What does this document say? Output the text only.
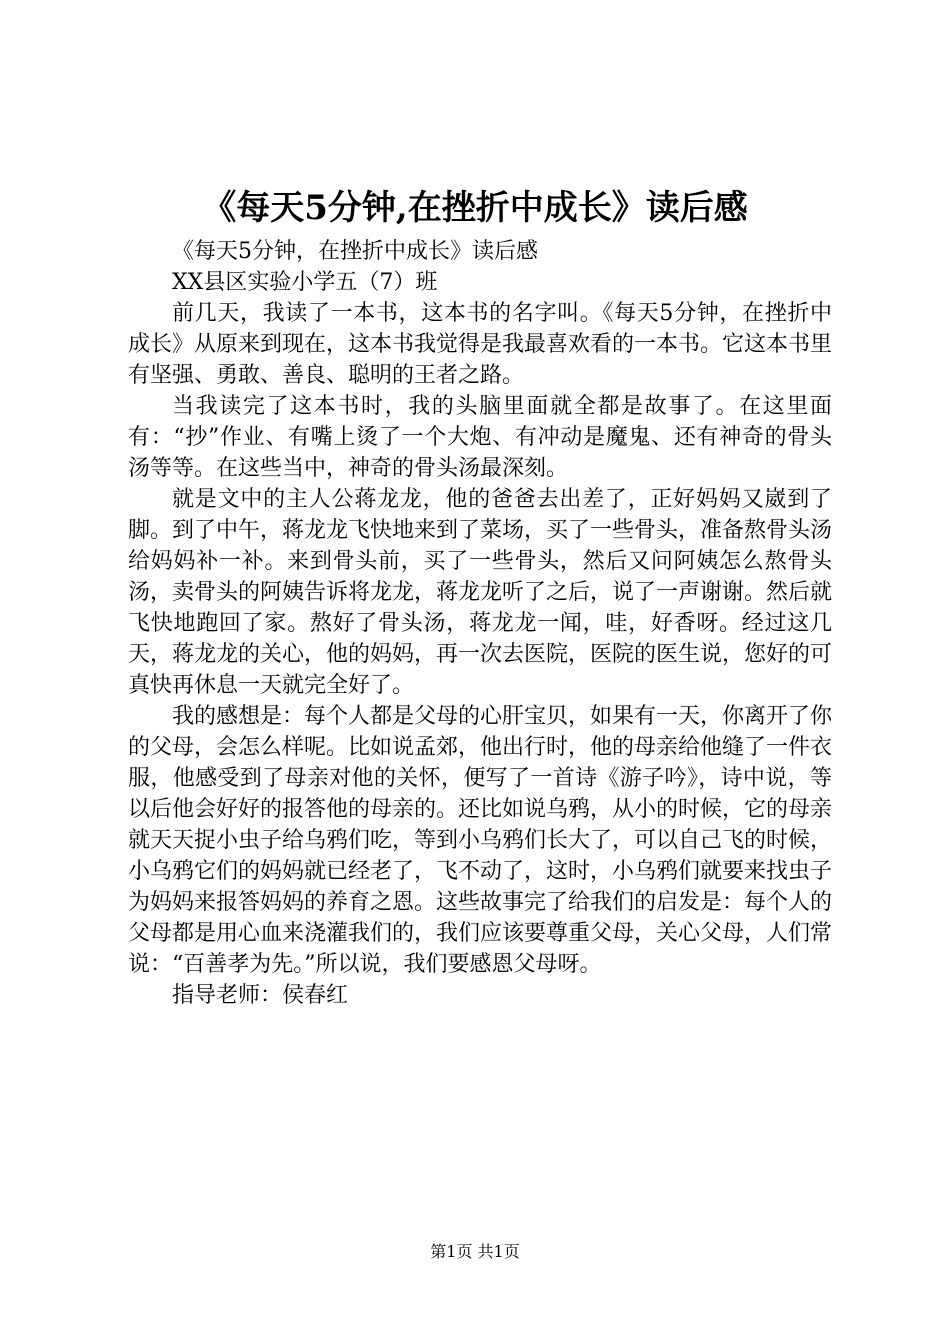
《每天5分钟,在挫折中成长》读后感

《每天5分钟，在挫折中成长》读后感

XX县区实验小学五（7）班

前几天，我读了一本书，这本书的名字叫。《每天5分钟，在挫折中成长》从原来到现在，这本书我觉得是我最喜欢看的一本书。它这本书里有坚强、勇敢、善良、聪明的王者之路。

当我读完了这本书时，我的头脑里面就全都是故事了。在这里面有：“抄”作业、有嘴上烫了一个大炮、有冲动是魔鬼、还有神奇的骨头汤等等。在这些当中，神奇的骨头汤最深刻。

就是文中的主人公蒋龙龙，他的爸爸去出差了，正好妈妈又崴到了脚。到了中午，蒋龙龙飞快地来到了菜场，买了一些骨头，准备熬骨头汤给妈妈补一补。来到骨头前，买了一些骨头，然后又问阿姨怎么熬骨头汤，卖骨头的阿姨告诉将龙龙，蒋龙龙听了之后，说了一声谢谢。然后就飞快地跑回了家。熬好了骨头汤，蒋龙龙一闻，哇，好香呀。经过这几天，蒋龙龙的关心，他的妈妈，再一次去医院，医院的医生说，您好的可真快再休息一天就完全好了。

我的感想是：每个人都是父母的心肝宝贝，如果有一天，你离开了你的父母，会怎么样呢。比如说孟郊，他出行时，他的母亲给他缝了一件衣服，他感受到了母亲对他的关怀，便写了一首诗《游子吟》，诗中说，等以后他会好好的报答他的母亲的。还比如说乌鸦，从小的时候，它的母亲就天天捉小虫子给乌鸦们吃，等到小乌鸦们长大了，可以自己飞的时候，小乌鸦它们的妈妈就已经老了，飞不动了，这时，小乌鸦们就要来找虫子为妈妈来报答妈妈的养育之恩。这些故事完了给我们的启发是：每个人的父母都是用心血来浇灌我们的，我们应该要尊重父母，关心父母，人们常说：“百善孝为先。”所以说，我们要感恩父母呀。

指导老师：侯春红

第1页 共1页
